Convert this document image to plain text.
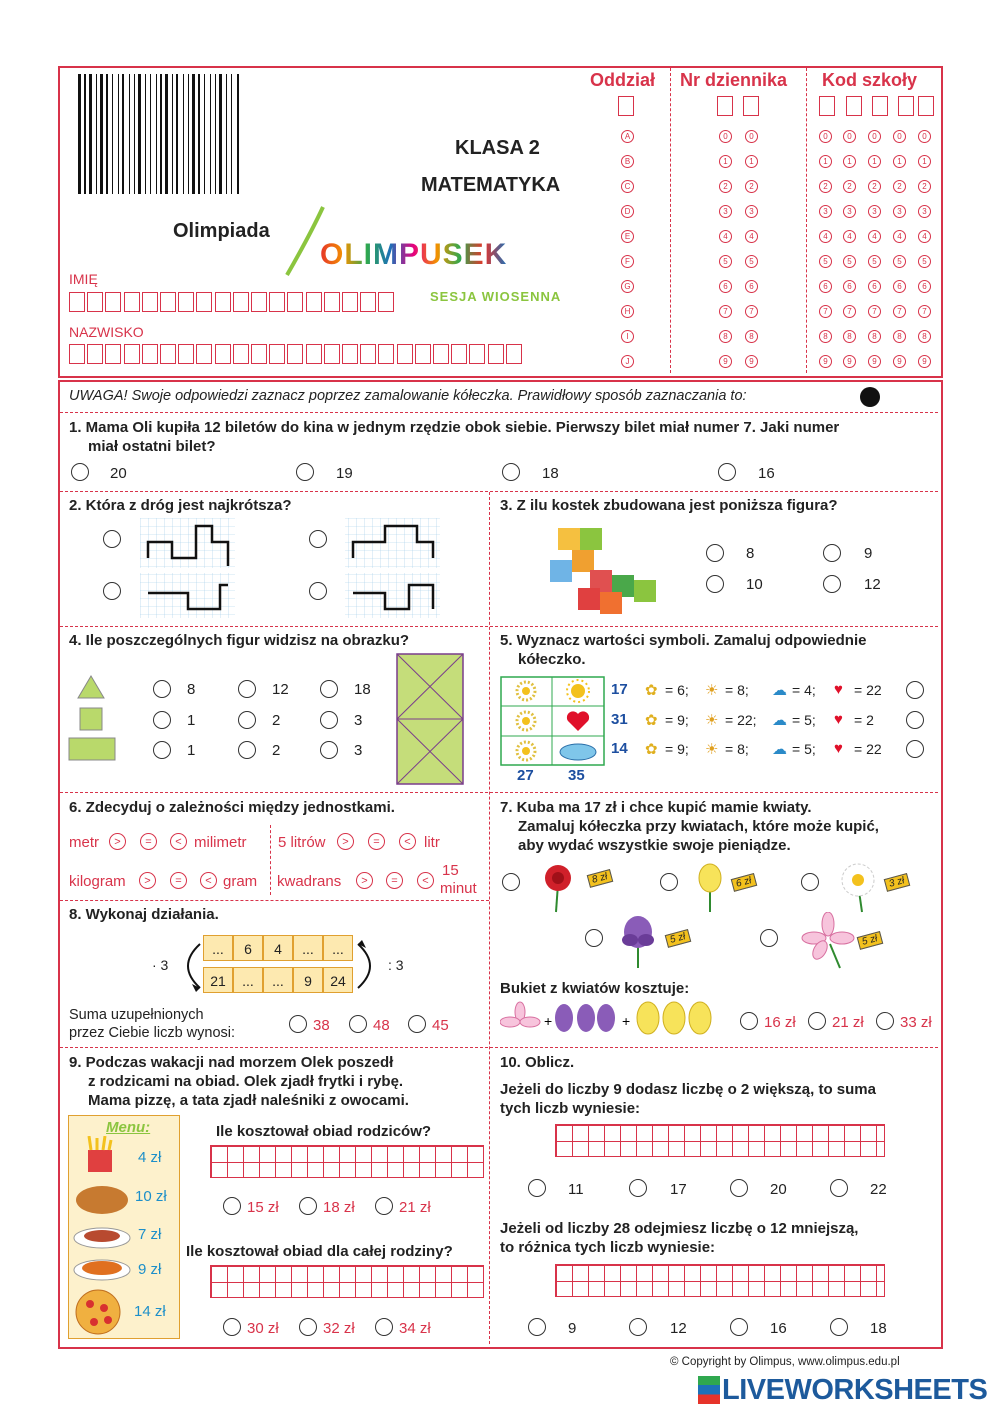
KLASA 2
MATEMATYKA
Olimpiada
OLIMPUSEK
SESJA WIOSENNA
IMIĘ
NAZWISKO
Oddział Nr dziennika Kod szkoły
A	0	0	0	0	0	0	0
B	1	1	1	1	1	1	1
C	2	2	2	2	2	2	2
D	3	3	3	3	3	3	3
E	4	4	4	4	4	4	4
F	5	5	5	5	5	5	5
G	6	6	6	6	6	6	6
H	7	7	7	7	7	7	7
I	8	8	8	8	8	8	8
J	9	9	9	9	9	9	9
UWAGA! Swoje odpowiedzi zaznacz poprzez zamalowanie kółeczka. Prawidłowy sposób zaznaczania to:
1. Mama Oli kupiła 12 biletów do kina w jednym rzędzie obok siebie. Pierwszy bilet miał numer 7. Jaki numer
miał ostatni bilet?
20	19	18	16
2. Która z dróg jest najkrótsza?	3. Z ilu kostek zbudowana jest poniższa figura?
8	9
10	12
4. Ile poszczególnych figur widzisz na obrazku?
8	12	18
1	2	3
1	2	3
5. Wyznacz wartości symboli. Zamaluj odpowiednie
kółeczko.
17
31
14
27 35
✿ = 6; ☀ = 8; ☁ = 4; ♥ = 22
✿ = 9; ☀ = 22; ☁ = 5; ♥ = 2
✿ = 9; ☀ = 8; ☁ = 5; ♥ = 22
6. Zdecyduj o zależności między jednostkami.
metr	>	=	< milimetr 5 litrów	>	=	< litr
kilogram	>	=	< gram kwadrans	>	=	<
15
minut
8. Wykonaj działania.
...	6	4	...	...
21	...	...	9	24
· 3	: 3
Suma uzupełnionych
przez Ciebie liczb wynosi:	38	48	45
7. Kuba ma 17 zł i chce kupić mamie kwiaty.
Zamaluj kółeczka przy kwiatach, które może kupić,
aby wydać wszystkie swoje pieniądze.
8 zł	6 zł	3 zł
5 zł	5 zł
Bukiet z kwiatów kosztuje:
+	+	16 zł 21 zł 33 zł
9. Podczas wakacji nad morzem Olek poszedł
z rodzicami na obiad. Olek zjadł frytki i rybę.
Mama pizzę, a tata zjadł naleśniki z owocami.
Menu:
4 zł
10 zł
7 zł
9 zł
14 zł
Ile kosztował obiad rodziców?
15 zł	18 zł	21 zł
Ile kosztował obiad dla całej rodziny?
30 zł	32 zł	34 zł
10. Oblicz.
Jeżeli do liczby 9 dodasz liczbę o 2 większą, to suma
tych liczb wyniesie:
11	17	20	22
Jeżeli od liczby 28 odejmiesz liczbę o 12 mniejszą,
to różnica tych liczb wyniesie:
9	12	16	18
© Copyright by Olimpus, www.olimpus.edu.pl
LIVEWORKSHEETS
